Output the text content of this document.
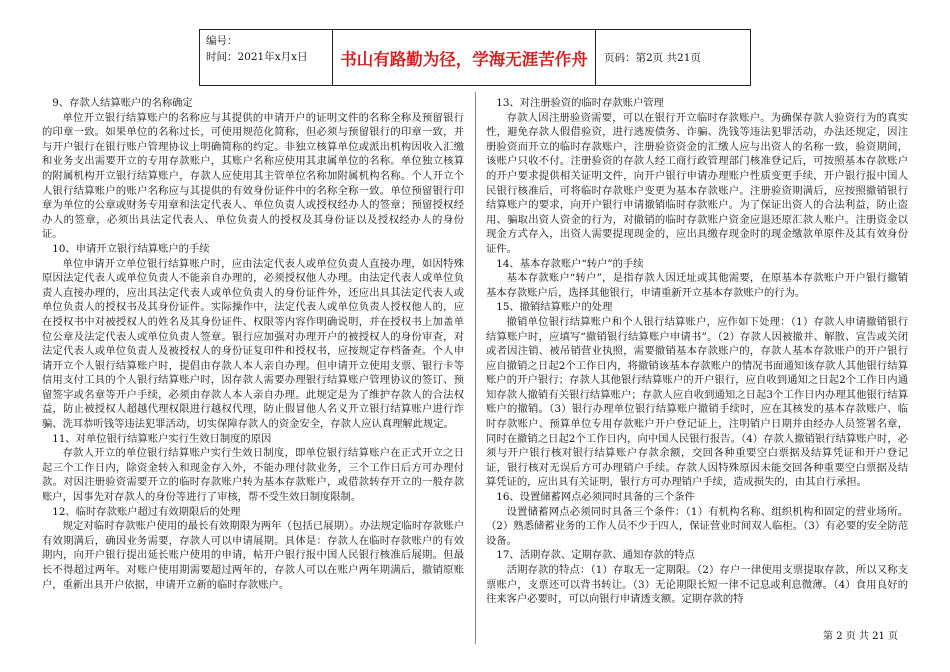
编号：
时间：2021年x月x日	书山有路勤为径，学海无涯苦作舟	页码：第2页 共21页
9、存款人结算账户的名称确定

单位开立银行结算账户的名称应与其提供的申请开户的证明文件的名称全称及预留银行的印章一致。如果单位的名称过长，可使用规范化简称，但必须与预留银行的印章一致，并与开户银行在银行账户管理协议上明确简称的约定。非独立核算单位或派出机构因收入汇缴和业务支出需要开立的专用存款账户，其账户名称应使用其隶属单位的名称。单位独立核算的附属机构开立银行结算账户，存款人应使用其主管单位名称加附属机构名称。个人开立个人银行结算账户的账户名称应与其提供的有效身份证件中的名称全称一致。单位预留银行印章为单位的公章或财务专用章和法定代表人、单位负责人或授权经办人的签章；预留授权经办人的签章，必须出具法定代表人、单位负责人的授权及其身份证以及授权经办人的身份证。

10、申请开立银行结算账户的手续

单位申请开立单位银行结算账户时，应由法定代表人或单位负责人直接办理，如因特殊原因法定代表人或单位负责人不能亲自办理的，必须授权他人办理。由法定代表人或单位负责人直接办理的，应出具法定代表人或单位负责人的身份证件外，还应出具其法定代表人或单位负责人的授权书及其身份证件。实际操作中，法定代表人或单位负责人授权他人的，应在授权书中对被授权人的姓名及其身份证件、权限等内容作明确说明，并在授权书上加盖单位公章及法定代表人或单位负责人签章。银行应加强对办理开户的被授权人的身份审查，对法定代表人或单位负责人及被授权人的身份证复印件和授权书，应按规定存档备查。个人申请开立个人银行结算账户时，提倡由存款人本人亲自办理。但申请开立使用支票、银行卡等信用支付工具的个人银行结算账户时，因存款人需要办理银行结算账户管理协议的签订、预留签字或名章等开户手续，必须由存款人本人亲自办理。此规定是为了维护存款人的合法权益，防止被授权人超越代理权限进行越权代理，防止假冒他人名义开立银行结算账户进行诈骗、洗耳恭听钱等违法犯罪活动，切实保障存款人的资金安全，存款人应认真理解此规定。

11、对单位银行结算账户实行生效日制度的原因

存款人开立的单位银行结算账户实行生效日制度，即单位银行结算账户在正式开立之日起三个工作日内，除资金转入和现金存入外，不能办理付款业务，三个工作日后方可办理付款。对因注册验资需要开立的临时存款账户转为基本存款账户，或借款转存开立的一般存款账户，因事先对存款人的身份等进行了审核，帮不受生效日制度限制。

12、临时存款账户超过有效期限后的处理

规定对临时存款账户使用的最长有效期限为两年（包括已展期）。办法规定临时存款账户有效期满后，确因业务需要，存款人可以申请展期。具体是：存款人在临时存款账户的有效期内，向开户银行提出延长账户使用的申请，帖开户银行报中国人民银行核准后展期。但最长不得超过两年。对账户使用期需要超过两年的，存款人可以在账户两年期满后，撤销原账户，重新出具开户依据，申请开立新的临时存款账户。

13、对注册验资的临时存款账户管理

存款人因注册验资需要，可以在银行开立临时存款账户。为确保存款人验资行为的真实性，避免存款人假借验资，进行逃废债务、诈骗、洗钱等违法犯罪活动，办法还规定，因注册验资而开立的临时存款账户，注册验资资金的汇缴人应与出资人的名称一致，验资期间，该账户只收不付。注册验资的存款人经工商行政管理部门核准登记后，可按照基本存款账户的开户要求提供相关证明文件，向开户银行申请办理账户性质变更手续，开户银行报中国人民银行核准后，可将临时存款账户变更为基本存款账户。注册验资期满后，应按照撤销银行结算账户的要求，向开户银行申请撤销临时存款账户。为了保证出资人的合法利益，防止盗用、骗取出资人资金的行为，对撤销的临时存款账户资金应退还原汇款人账户。注册资金以现金方式存入，出资人需要提现现金的，应出具缴存现金时的现金缴款单原件及其有效身份证件。

14、基本存款账户“转户”的手续

基本存款账户“转户”，是指存款人因迁址或其他需要，在原基本存款账户开户银行撤销基本存款账户后，选择其他银行，申请重新开立基本存款账户的行为。

15、撤销结算账户的处理

撤销单位银行结算账户和个人银行结算账户，应作如下处理：（1）存款人申请撤销银行结算账户时，应填写“撤销银行结算账户申请书”。（2）存款人因被撤并、解散、宣告或关闭或者因注销、被吊销营业执照，需要撤销基本存款账户的，存款人基本存款账户的开户银行应自撤销之日起2个工作日内，将撤销该基本存款账户的情况书面通知该存款人其他银行结算账户的开户银行；存款人其他银行结算账户的开户银行，应自收到通知之日起2个工作日内通知存款人撤销有关银行结算账户；存款人应自收到通知之日起3个工作日内办理其他银行结算账户的撤销。（3）银行办理单位银行结算账户撤销手续时，应在其核发的基本存款账户、临时存款账户、预算单位专用存款账户开户登记证上，注明销户日期并由经办人员签署名章，同时在撤销之日起2个工作日内，向中国人民银行报告。（4）存款人撤销银行结算账户时，必须与开户银行核对银行结算账户存款余额，交回各种重要空白票据及结算凭证和开户登记证，银行核对无误后方可办理销户手续。存款人因特殊原因未能交回各种重要空白票据及结算凭证的，应出具有关证明，银行方可办理销户手续，造成损失的，由其自行承担。

16、设置储蓄网点必须同时具备的三个条件

设置储蓄网点必须同时具备三个条件：（1）有机构名称、组织机构和固定的营业场所。（2）熟悉储蓄业务的工作人员不少于四人，保证营业时间双人临柜。（3）有必要的安全防范设备。

17、活期存款、定期存款、通知存款的特点

活期存款的特点：（1）存取无一定期限。（2）存户一律使用支票提取存款，所以又称支票账户，支票还可以背书转让。（3）无论期限长短一律不记息或利息微薄。（4）食用良好的往来客户必要时，可以向银行申请透支额。定期存款的特

第 2 页 共 21 页
